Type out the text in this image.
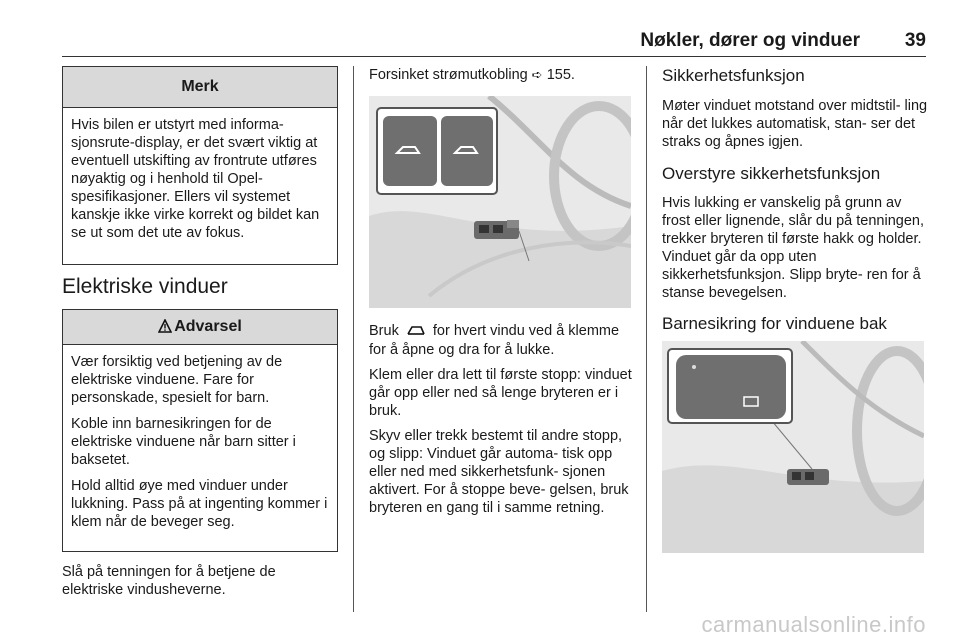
Nøkler, dører og vinduer 39
Merk

Hvis bilen er utstyrt med informa- sjonsrute-display, er det svært viktig at eventuell utskifting av frontrute utføres nøyaktig og i henhold til Opel-spesifikasjoner. Ellers vil systemet kanskje ikke virke korrekt og bildet kan se ut som det ute av fokus.

Elektriske vinduer
Advarsel

Vær forsiktig ved betjening av de elektriske vinduene. Fare for personskade, spesielt for barn.

Koble inn barnesikringen for de elektriske vinduene når barn sitter i baksetet.

Hold alltid øye med vinduer under lukkning. Pass på at ingenting kommer i klem når de beveger seg.

Slå på tenningen for å betjene de elektriske vindusheverne.

Forsinket strømutkobling ➪ 155.

Bruk for hvert vindu ved å klemme for å åpne og dra for å lukke.

Klem eller dra lett til første stopp: vinduet går opp eller ned så lenge bryteren er i bruk.

Skyv eller trekk bestemt til andre stopp, og slipp: Vinduet går automa- tisk opp eller ned med sikkerhetsfunk- sjonen aktivert. For å stoppe beve- gelsen, bruk bryteren en gang til i samme retning.

Sikkerhetsfunksjon

Møter vinduet motstand over midtstil- ling når det lukkes automatisk, stan- ser det straks og åpnes igjen.

Overstyre sikkerhetsfunksjon

Hvis lukking er vanskelig på grunn av frost eller lignende, slår du på tenningen, trekker bryteren til første hakk og holder. Vinduet går da opp uten sikkerhetsfunksjon. Slipp bryte- ren for å stanse bevegelsen.

Barnesikring for vinduene bak
carmanualsonline.info
